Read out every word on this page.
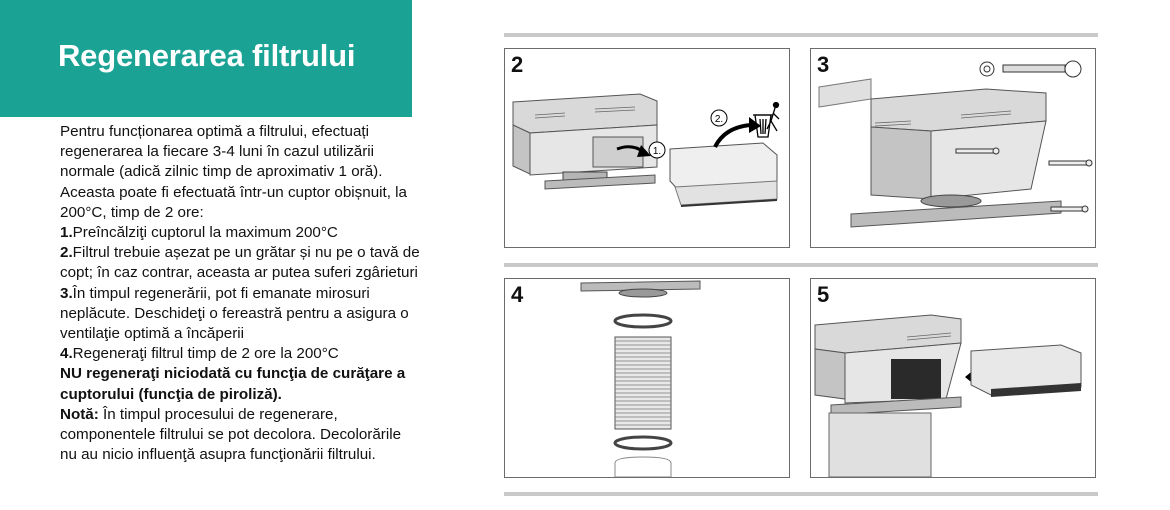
Regenerarea filtrului

Pentru funcționarea optimă a filtrului, efectuați regenerarea la fiecare 3-4 luni în cazul utilizării normale (adică zilnic timp de aproximativ 1 oră). Aceasta poate fi efectuată într-un cuptor obișnuit, la 200°C, timp de 2 ore:

1.Preîncălziţi cuptorul la maximum 200°C

2.Filtrul trebuie așezat pe un grătar și nu pe o tavă de copt; în caz contrar, aceasta ar putea suferi zgârieturi

3.În timpul regenerării, pot fi emanate mirosuri neplăcute. Deschideţi o fereastră pentru a asigura o ventilaţie optimă a încăperii

4.Regeneraţi filtrul timp de 2 ore la 200°C

NU regeneraţi niciodată cu funcţia de curăţare a cuptorului (funcţia de piroliză).

Notă: În timpul procesului de regenerare, componentele filtrului se pot decolora. Decolorările nu au nicio influenţă asupra funcţionării filtrului.

1.
2.
2	3
4	5
